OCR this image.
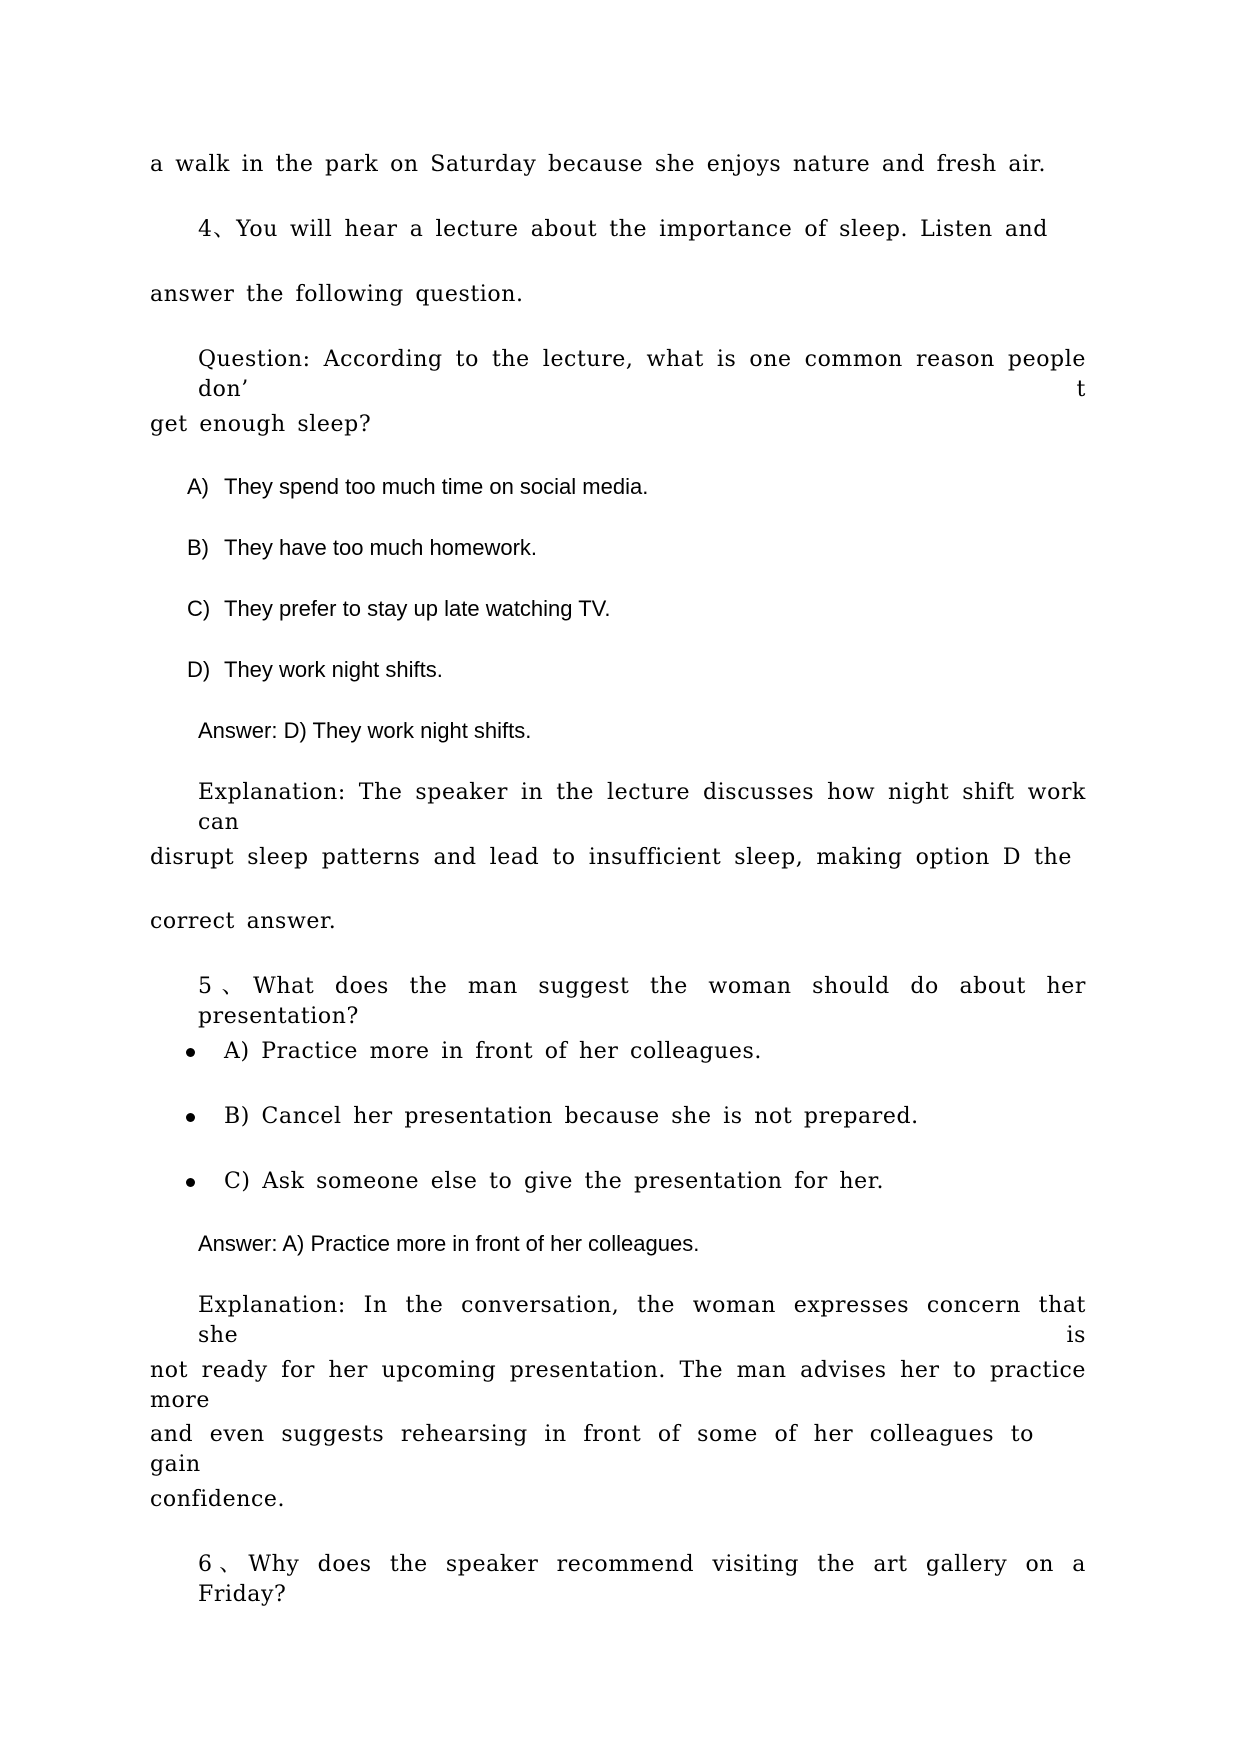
a walk in the park on Saturday because she enjoys nature and fresh air.
4、You will hear a lecture about the importance of sleep. Listen and
answer the following question.
Question: According to the lecture, what is one common reason people don’ t
get enough sleep?
A) They spend too much time on social media.
B) They have too much homework.
C) They prefer to stay up late watching TV.
D) They work night shifts.
Answer: D) They work night shifts.
Explanation: The speaker in the lecture discusses how night shift work can
disrupt sleep patterns and lead to insufficient sleep, making option D the
correct answer.
5、What does the man suggest the woman should do about her presentation?
A) Practice more in front of her colleagues.
B) Cancel her presentation because she is not prepared.
C) Ask someone else to give the presentation for her.
Answer: A) Practice more in front of her colleagues.
Explanation: In the conversation, the woman expresses concern that she is
not ready for her upcoming presentation. The man advises her to practice more
and even suggests rehearsing in front of some of her colleagues to gain
confidence.
6、Why does the speaker recommend visiting the art gallery on a Friday?
